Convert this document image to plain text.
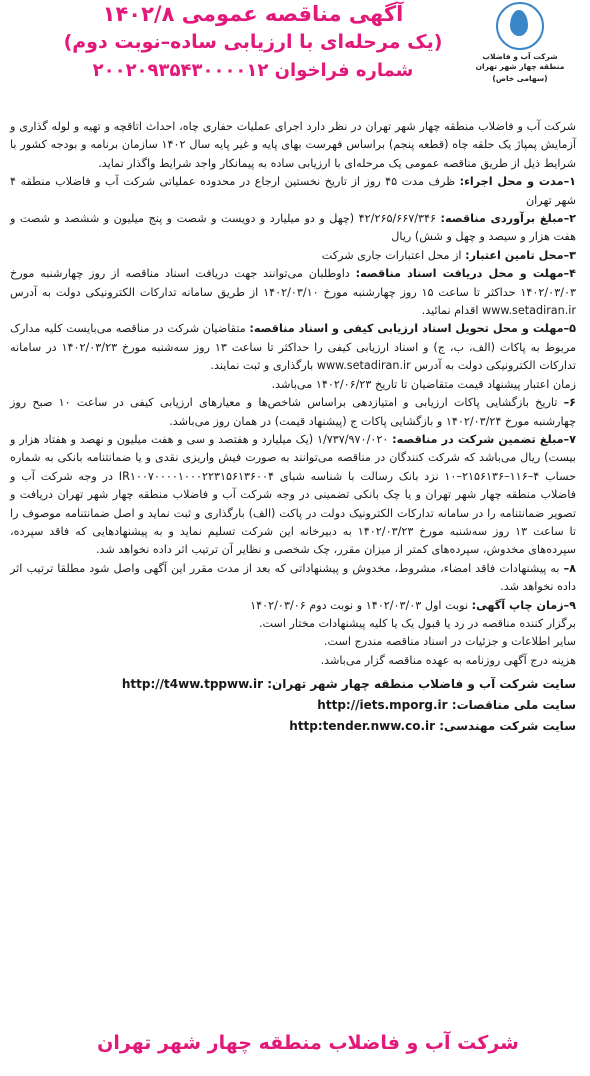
شرکت آب و فاضلاب منطقه چهار شهر تهران
(سهامی خاص)
آگهی مناقصه عمومی ۱۴۰۲/۸
(یک مرحله‌ای با ارزیابی ساده–نوبت دوم)
شماره فراخوان ۲۰۰۲۰۹۳۵۴۳۰۰۰۰۱۲

شرکت آب و فاضلاب منطقه چهار شهر تهران در نظر دارد اجرای عملیات حفاری چاه، احداث اتاقچه و تهیه و لوله گذاری و آزمایش پمپاژ یک حلقه چاه (قطعه پنجم) براساس فهرست بهای پایه و غیر پایه سال ۱۴۰۲ سازمان برنامه و بودجه کشور با شرایط ذیل از طریق مناقصه عمومی یک مرحله‌ای با ارزیابی ساده به پیمانکار واجد شرایط واگذار نماید.

۱–مدت و محل اجراء: ظرف مدت ۴۵ روز از تاریخ نخستین ارجاع در محدوده عملیاتی شرکت آب و فاضلاب منطقه ۴ شهر تهران

۲–مبلغ برآوردی مناقصه: ۴۲/۲۶۵/۶۶۷/۳۴۶ (چهل و دو میلیارد و دویست و شصت و پنج میلیون و ششصد و شصت و هفت هزار و سیصد و چهل و شش) ریال

۳–محل تامین اعتبار: از محل اعتبارات جاری شرکت

۴–مهلت و محل دریافت اسناد مناقصه: داوطلبان می‌توانند جهت دریافت اسناد مناقصه از روز چهارشنبه مورخ ۱۴۰۲/۰۳/۰۳ حداکثر تا ساعت ۱۵ روز چهارشنبه مورخ ۱۴۰۲/۰۳/۱۰ از طریق سامانه تدارکات الکترونیکی دولت به آدرس www.setadiran.ir اقدام نمائید.

۵–مهلت و محل تحویل اسناد ارزیابی کیفی و اسناد مناقصه: متقاضیان شرکت در مناقصه می‌بایست کلیه مدارک مربوط به پاکات (الف، ب، ج) و اسناد ارزیابی کیفی را حداکثر تا ساعت ۱۳ روز سه‌شنبه مورخ ۱۴۰۲/۰۳/۲۳ در سامانه تدارکات الکترونیکی دولت به آدرس www.setadiran.ir بارگذاری و ثبت نمایند.

زمان اعتبار پیشنهاد قیمت متقاضیان تا تاریخ ۱۴۰۲/۰۶/۲۳ می‌باشد.

۶– تاریخ بازگشایی پاکات ارزیابی و امتیازدهی براساس شاخص‌ها و معیارهای ارزیابی کیفی در ساعت ۱۰ صبح روز چهارشنبه مورخ ۱۴۰۲/۰۳/۲۴ و بازگشایی پاکات ج (پیشنهاد قیمت) در همان روز می‌باشد.

۷–مبلغ تضمین شرکت در مناقصه: ۱/۷۳۷/۹۷۰/۰۲۰ (یک میلیارد و هفتصد و سی و هفت میلیون و نهصد و هفتاد هزار و بیست) ریال می‌باشد که شرکت کنندگان در مناقصه می‌توانند به صورت فیش واریزی نقدی و یا ضمانتنامه بانکی به شماره حساب ۴–۱۱۶–۲۱۵۶۱۳۶–۱۰ نزد بانک رسالت با شناسه شبای IR۱۰۰۷۰۰۰۰۱۰۰۰۲۲۳۱۵۶۱۳۶۰۰۴ در وجه شرکت آب و فاضلاب منطقه چهار شهر تهران و یا چک بانکی تضمینی در وجه شرکت آب و فاضلاب منطقه چهار شهر تهران دریافت و تصویر ضمانتنامه را در سامانه تدارکات الکترونیک دولت در پاکت (الف) بارگذاری و ثبت نماید و اصل ضمانتنامه موصوف را تا ساعت ۱۳ روز سه‌شنبه مورخ ۱۴۰۲/۰۳/۲۳ به دبیرخانه این شرکت تسلیم نماید و به پیشنهادهایی که فاقد سپرده، سپرده‌های مخدوش، سپرده‌های کمتر از میزان مقرر، چک شخصی و نظایر آن ترتیب اثر داده نخواهد شد.

۸– به پیشنهادات فاقد امضاء، مشروط، مخدوش و پیشنهاداتی که بعد از مدت مقرر این آگهی واصل شود مطلقا ترتیب اثر داده نخواهد شد.

۹–زمان چاپ آگهی: نوبت اول ۱۴۰۲/۰۳/۰۳ و نوبت دوم ۱۴۰۲/۰۳/۰۶

برگزار کننده مناقصه در رد یا قبول یک یا کلیه پیشنهادات مختار است.

سایر اطلاعات و جزئیات در اسناد مناقصه مندرج است.

هزینه درج آگهی روزنامه به عهده مناقصه گزار می‌باشد.

سایت شرکت آب و فاضلاب منطقه چهار شهر تهران: http://t4ww.tppww.ir
سایت ملی مناقصات: http://iets.mporg.ir
سایت شرکت مهندسی: http:tender.nww.co.ir
شرکت آب و فاضلاب منطقه چهار شهر تهران
